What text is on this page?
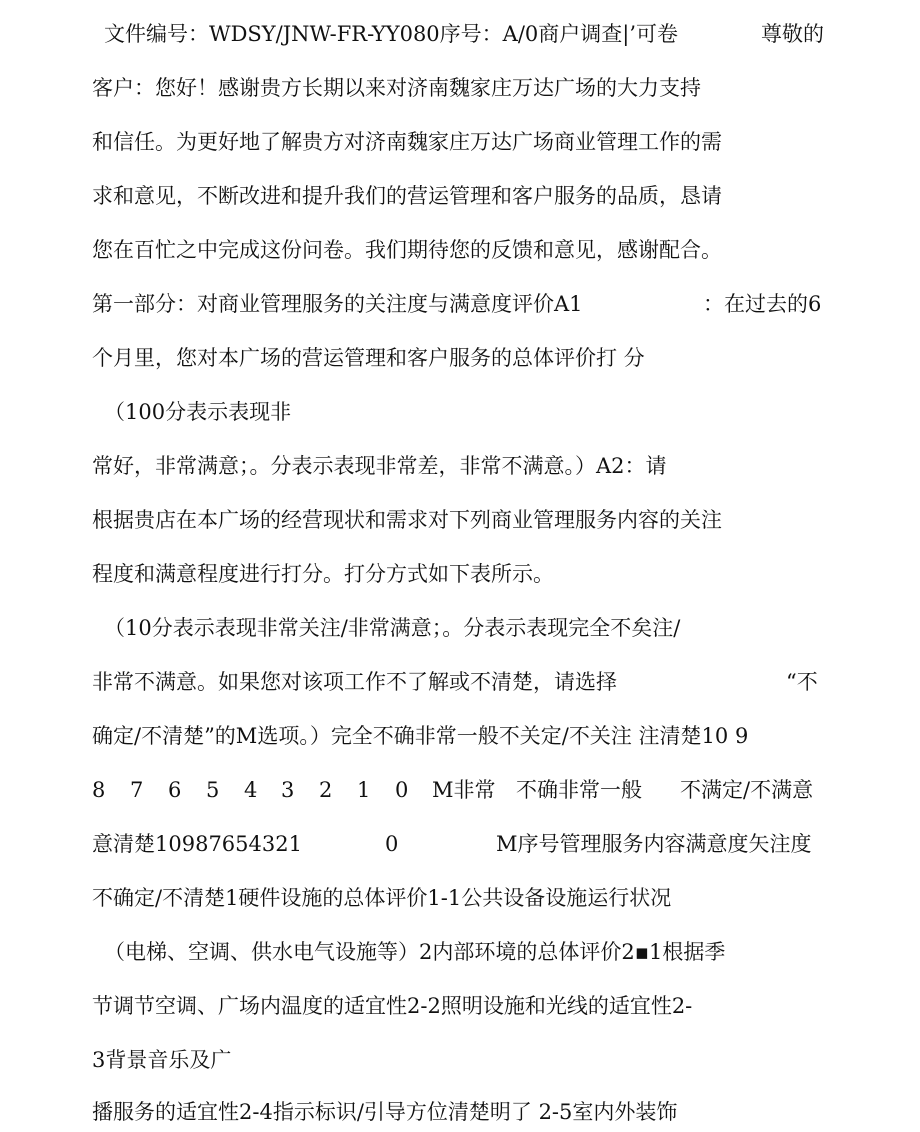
文件编号：WDSY/JNW-FR-YY080序号：A/0商户调查|’可卷	尊敬的
客户：您好！感谢贵方长期以来对济南魏家庄万达广场的大力支持
和信任。为更好地了解贵方对济南魏家庄万达广场商业管理工作的需
求和意见，不断改进和提升我们的营运管理和客户服务的品质，恳请
您在百忙之中完成这份问卷。我们期待您的反馈和意见，感谢配合。
第一部分：对商业管理服务的关注度与满意度评价A1	：在过去的6
个月里，您对本广场的营运管理和客户服务的总体评价打 分
（100分表示表现非
常好，非常满意；。分表示表现非常差，非常不满意。）A2：请
根据贵店在本广场的经营现状和需求对下列商业管理服务内容的关注
程度和满意程度进行打分。打分方式如下表所示。
（10分表示表现非常关注/非常满意；。分表示表现完全不矣注/
非常不满意。如果您对该项工作不了解或不清楚，请选择	“不
确定/不清楚”的M选项。）完全不确非常一般不关定/不关注 注清楚10 9
8 7 6 5 4 3 2 1 0 M非常 不确非常一般 不满定/不满意
意清楚10987654321	0	M序号管理服务内容满意度矢注度
不确定/不清楚1硬件设施的总体评价1-1公共设备设施运行状况
（电梯、空调、供水电气设施等）2内部环境的总体评价2▪1根据季
节调节空调、广场内温度的适宜性2-2照明设施和光线的适宜性2-
3背景音乐及广
播服务的适宜性2-4指示标识/引导方位清楚明了 2-5室内外装饰
